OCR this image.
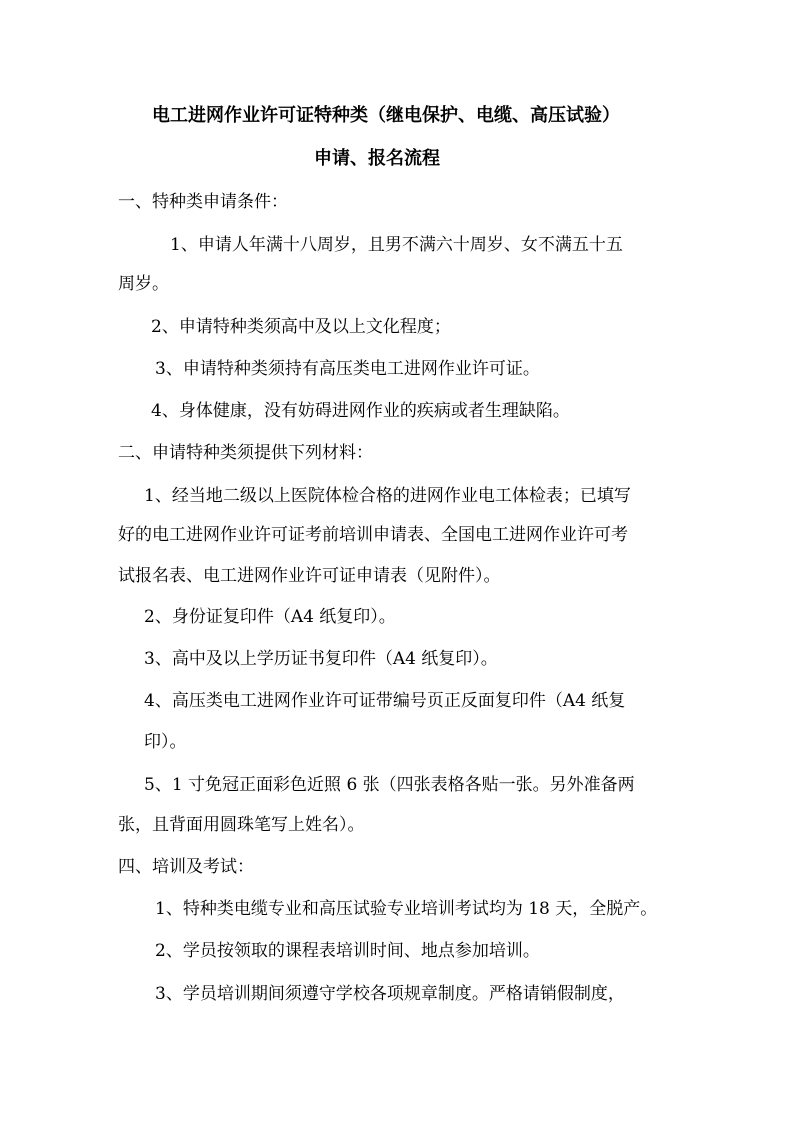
电工进网作业许可证特种类（继电保护、电缆、高压试验）
申请、报名流程
一、特种类申请条件：
1、申请人年满十八周岁，且男不满六十周岁、女不满五十五
周岁。
2、申请特种类须高中及以上文化程度；
3、申请特种类须持有高压类电工进网作业许可证。
4、身体健康，没有妨碍进网作业的疾病或者生理缺陷。
二、申请特种类须提供下列材料：
1、经当地二级以上医院体检合格的进网作业电工体检表；已填写
好的电工进网作业许可证考前培训申请表、全国电工进网作业许可考
试报名表、电工进网作业许可证申请表（见附件）。
2、身份证复印件（A4 纸复印）。
3、高中及以上学历证书复印件（A4 纸复印）。
4、高压类电工进网作业许可证带编号页正反面复印件（A4 纸复
印）。
5、1 寸免冠正面彩色近照 6 张（四张表格各贴一张。另外准备两
张，且背面用圆珠笔写上姓名）。
四、培训及考试：
1、特种类电缆专业和高压试验专业培训考试均为 18 天，全脱产。
2、学员按领取的课程表培训时间、地点参加培训。
3、学员培训期间须遵守学校各项规章制度。严格请销假制度，
